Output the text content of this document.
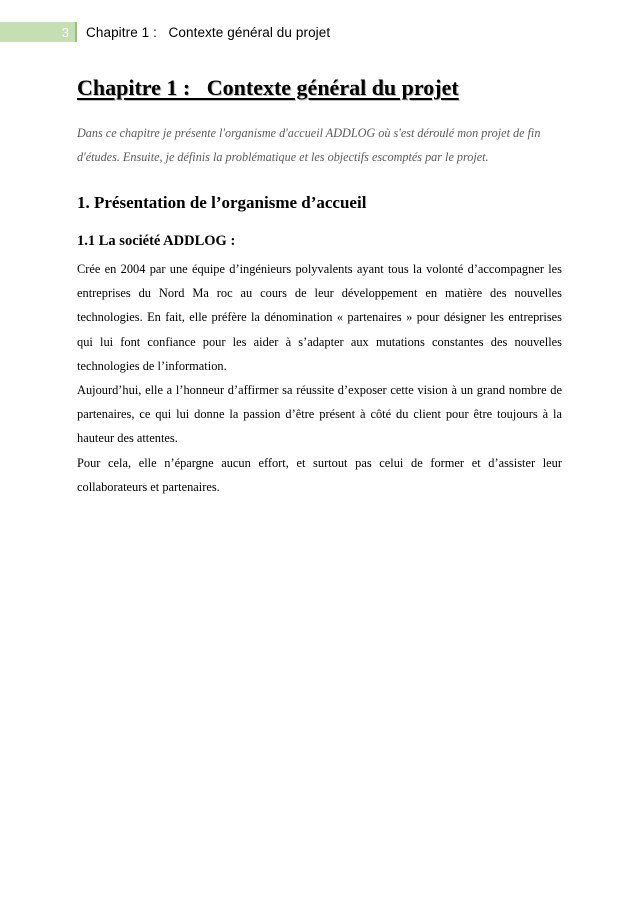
3	Chapitre 1 :   Contexte général du projet
Chapitre 1 :   Contexte général du projet

Dans ce chapitre je présente l'organisme d'accueil ADDLOG où s'est déroulé mon projet de fin d'études. Ensuite, je définis la problématique et les objectifs escomptés par le projet.

1. Présentation de l’organisme d’accueil
1.1 La société ADDLOG :

Crée en 2004 par une équipe d’ingénieurs polyvalents ayant tous la volonté d’accompagner les entreprises du Nord Ma roc au cours de leur développement en matière des nouvelles technologies. En fait, elle préfère la dénomination « partenaires » pour désigner les entreprises qui lui font confiance pour les aider à s’adapter aux mutations constantes des nouvelles technologies de l’information.

Aujourd’hui, elle a l’honneur d’affirmer sa réussite d’exposer cette vision à un grand nombre de partenaires, ce qui lui donne la passion d’être présent à côté du client pour être toujours à la hauteur des attentes.

Pour cela, elle n’épargne aucun effort, et surtout pas celui de former et d’assister leur collaborateurs et partenaires.
